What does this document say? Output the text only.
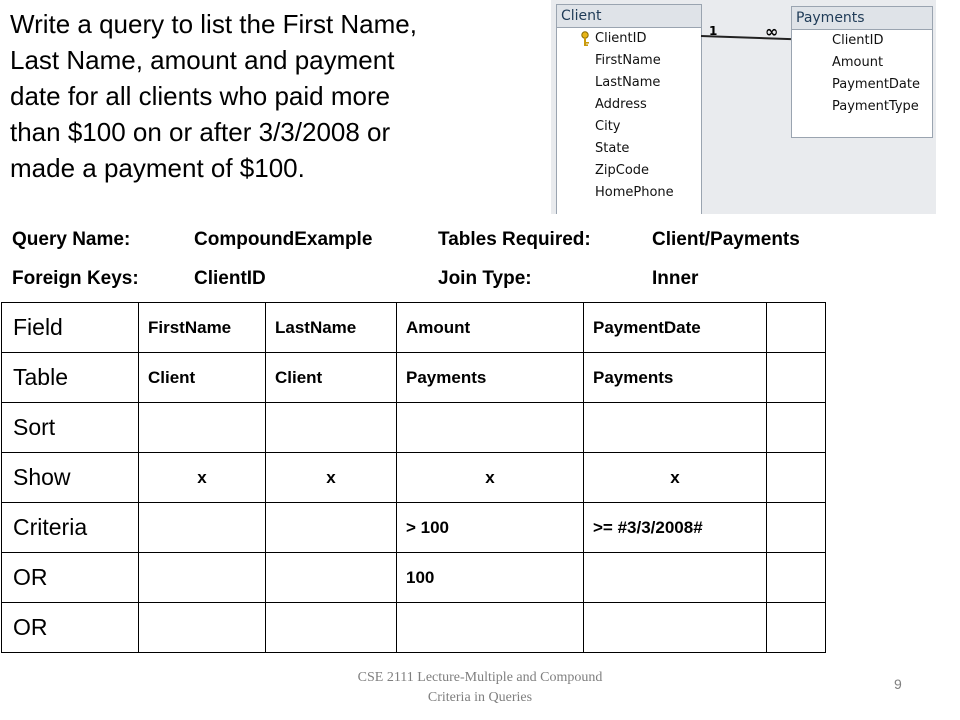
Write a query to list the First Name,
Last Name, amount and payment
date for all clients who paid more
than $100 on or after 3/3/2008 or
made a payment of $100.
Client
ClientID
FirstName
LastName
Address
City
State
ZipCode
HomePhone
1	∞
Payments
ClientID
Amount
PaymentDate
PaymentType
Query Name:	CompoundExample	Tables Required:	Client/Payments
Foreign Keys:	ClientID	Join Type:	Inner
Field	FirstName	LastName	Amount	PaymentDate	
Table	Client	Client	Payments	Payments	
Sort					
Show	x	x	x	x	
Criteria			> 100	>= #3/3/2008#	
OR			100		
OR					
CSE 2111 Lecture-Multiple and Compound
Criteria in Queries
9
